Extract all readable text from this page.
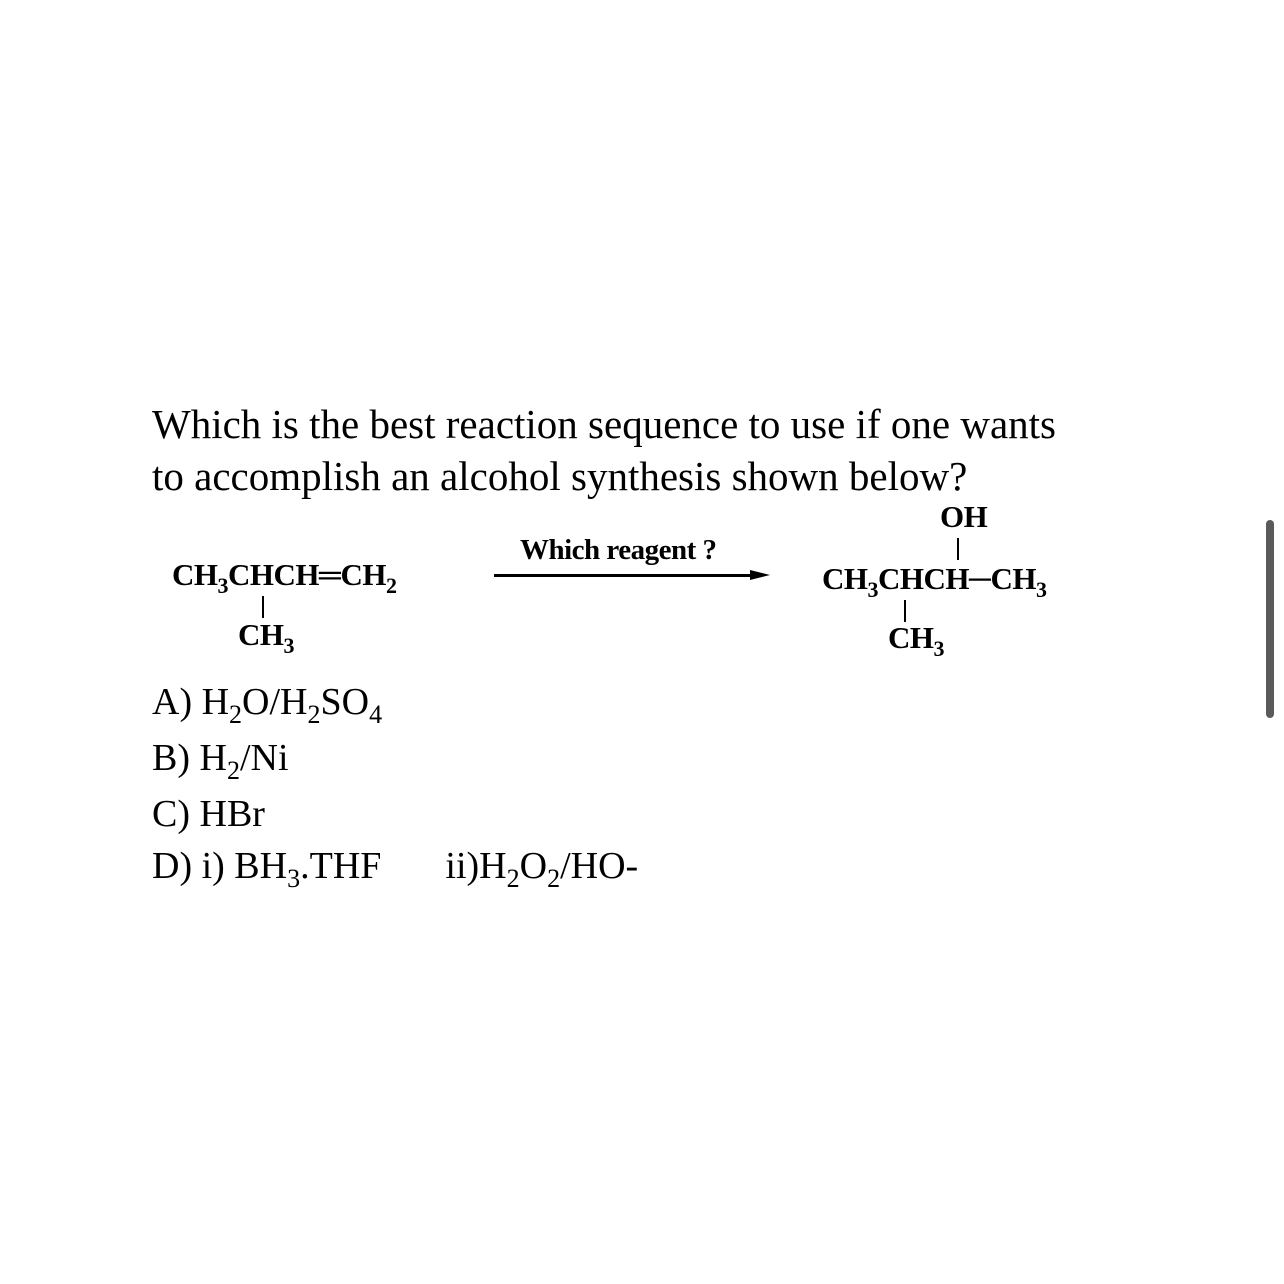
Which is the best reaction sequence to use if one wants
to accomplish an alcohol synthesis shown below?
$CH_3CHCH═CH_2$
$CH_3$
Which reagent ?
OH
$CH_3CHCH─CH_3$
$CH_3$
A) $H_2O/H_2SO_4$
B) $H_2/Ni$
C) HBr
D) i) $BH_3.THF$ $ii)H_2O_2/HO-$
